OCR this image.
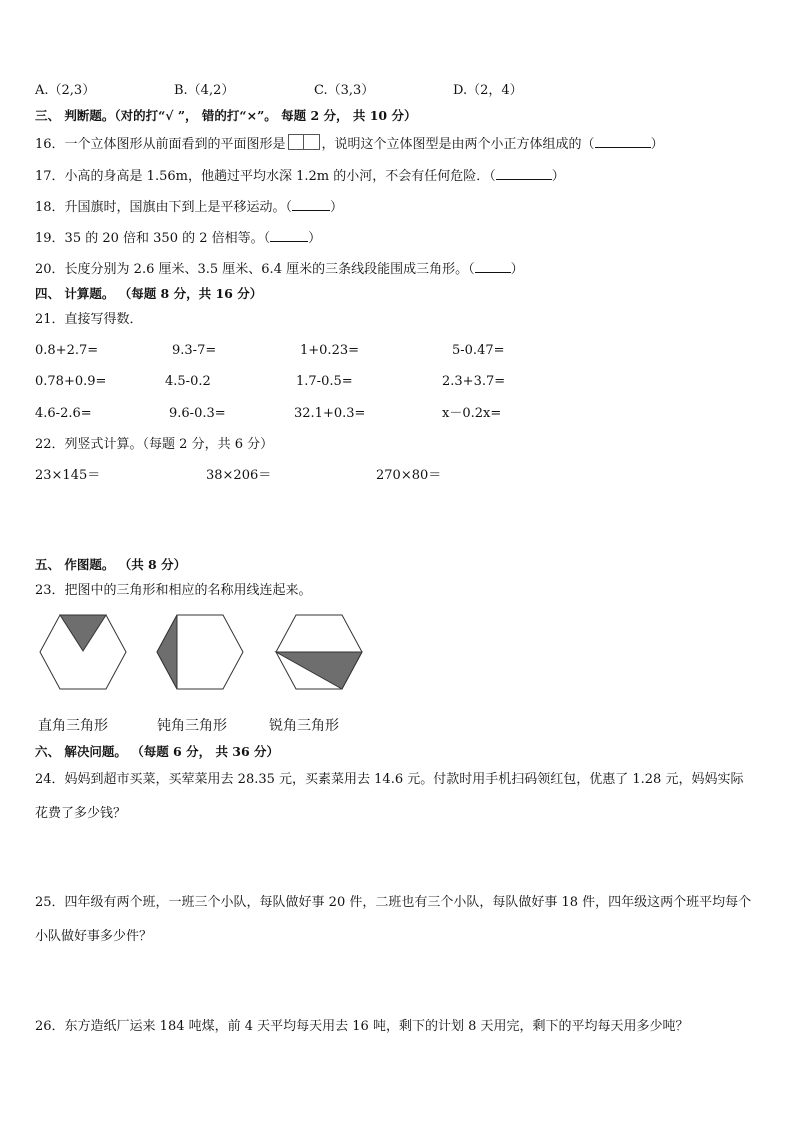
A.（2,3）	B.（4,2）	C.（3,3）	D.（2，4）
三、 判断题。（对的打“√ ”， 错的打“×”。 每题 2 分， 共 10 分）
16．一个立体图形从前面看到的平面图形是	，说明这个立体图型是由两个小正方体组成的（	）
17．小高的身高是 1.56m，他趟过平均水深 1.2m 的小河，不会有任何危险．（	）
18．升国旗时，国旗由下到上是平移运动。（	）
19．35 的 20 倍和 350 的 2 倍相等。（	）
20．长度分别为 2.6 厘米、3.5 厘米、6.4 厘米的三条线段能围成三角形。（	）
四、 计算题。 （每题 8 分，共 16 分）
21．直接写得数．
0.8+2.7=	9.3-7=	1+0.23=	5-0.47=
0.78+0.9=	4.5-0.2	1.7-0.5=	2.3+3.7=
4.6-2.6=	9.6-0.3=	32.1+0.3=	x－0.2x=
22．列竖式计算。（每题 2 分，共 6 分）
23×145＝	38×206＝	270×80＝
五、 作图题。 （共 8 分）
23．把图中的三角形和相应的名称用线连起来。
直角三角形	钝角三角形	锐角三角形
六、 解决问题。 （每题 6 分， 共 36 分）
24．妈妈到超市买菜，买荤菜用去 28.35 元，买素菜用去 14.6 元。付款时用手机扫码领红包，优惠了 1.28 元，妈妈实际花费了多少钱？
25．四年级有两个班，一班三个小队，每队做好事 20 件，二班也有三个小队，每队做好事 18 件，四年级这两个班平均每个小队做好事多少件？
26．东方造纸厂运来 184 吨煤，前 4 天平均每天用去 16 吨，剩下的计划 8 天用完，剩下的平均每天用多少吨？
